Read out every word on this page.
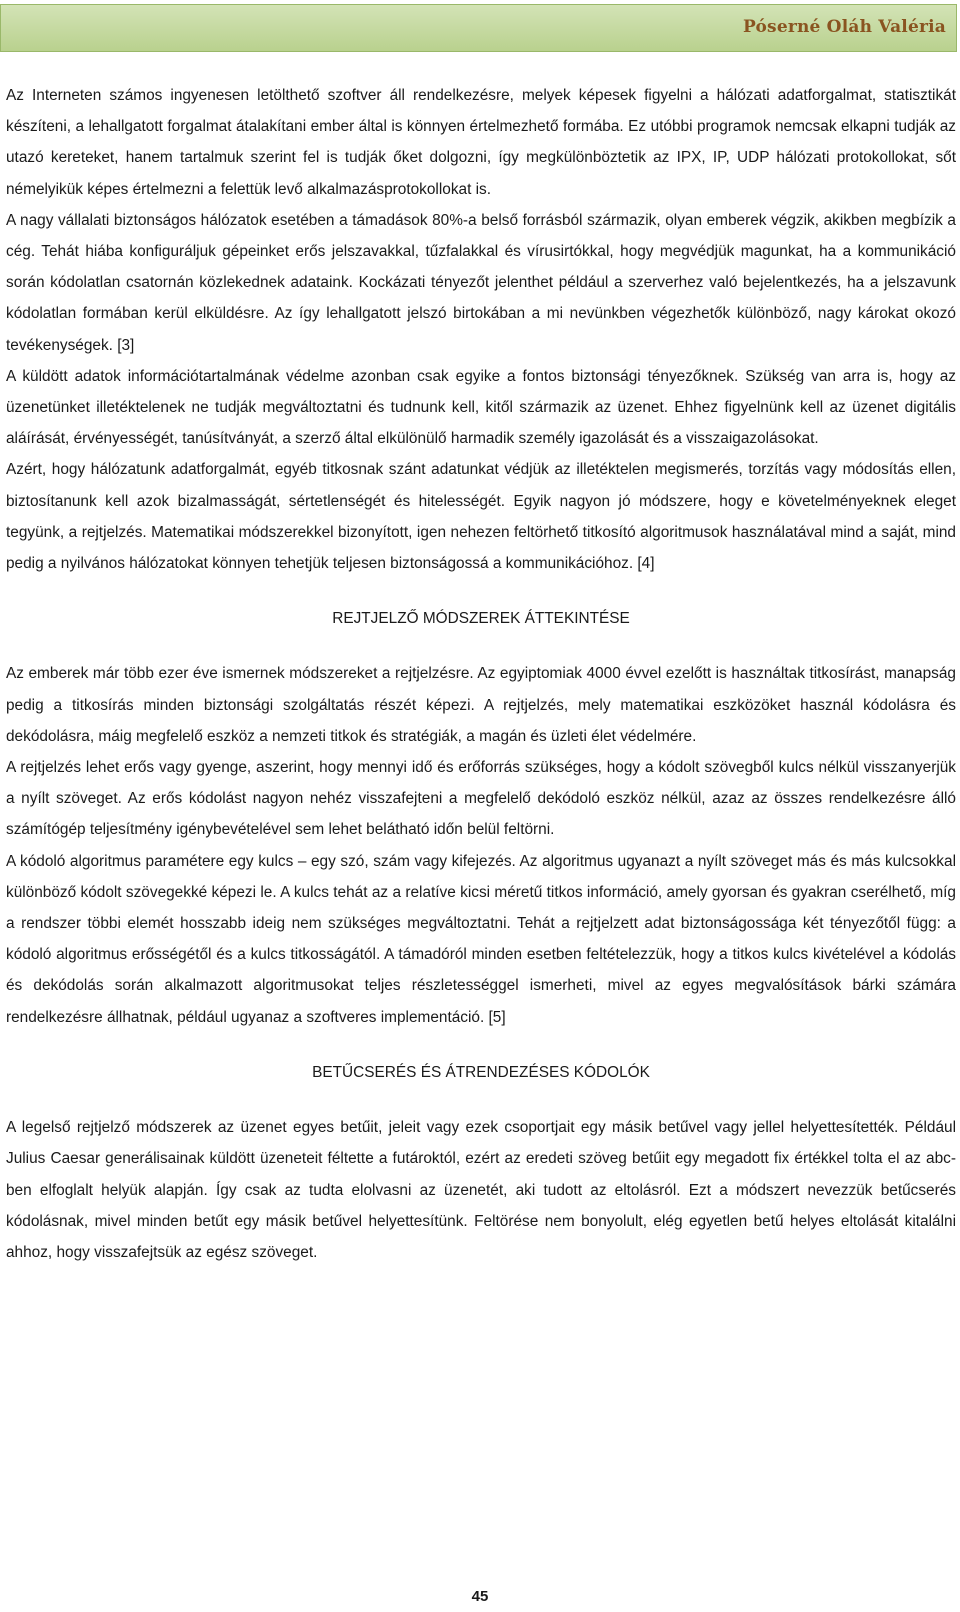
Póserné Oláh Valéria

Az Interneten számos ingyenesen letölthető szoftver áll rendelkezésre, melyek képesek figyelni a hálózati adatforgalmat, statisztikát készíteni, a lehallgatott forgalmat átalakítani ember által is könnyen értelmezhető formába. Ez utóbbi programok nemcsak elkapni tudják az utazó kereteket, hanem tartalmuk szerint fel is tudják őket dolgozni, így megkülönböztetik az IPX, IP, UDP hálózati protokollokat, sőt némelyikük képes értelmezni a felettük levő alkalmazásprotokollokat is.

A nagy vállalati biztonságos hálózatok esetében a támadások 80%-a belső forrásból származik, olyan emberek végzik, akikben megbízik a cég. Tehát hiába konfiguráljuk gépeinket erős jelszavakkal, tűzfalakkal és vírusirtókkal, hogy megvédjük magunkat, ha a kommunikáció során kódolatlan csatornán közlekednek adataink. Kockázati tényezőt jelenthet például a szerverhez való bejelentkezés, ha a jelszavunk kódolatlan formában kerül elküldésre. Az így lehallgatott jelszó birtokában a mi nevünkben végezhetők különböző, nagy károkat okozó tevékenységek. [3]

A küldött adatok információtartalmának védelme azonban csak egyike a fontos biztonsági tényezőknek. Szükség van arra is, hogy az üzenetünket illetéktelenek ne tudják megváltoztatni és tudnunk kell, kitől származik az üzenet. Ehhez figyelnünk kell az üzenet digitális aláírását, érvényességét, tanúsítványát, a szerző által elkülönülő harmadik személy igazolását és a visszaigazolásokat.

Azért, hogy hálózatunk adatforgalmát, egyéb titkosnak szánt adatunkat védjük az illetéktelen megismerés, torzítás vagy módosítás ellen, biztosítanunk kell azok bizalmasságát, sértetlenségét és hitelességét. Egyik nagyon jó módszere, hogy e követelményeknek eleget tegyünk, a rejtjelzés. Matematikai módszerekkel bizonyított, igen nehezen feltörhető titkosító algoritmusok használatával mind a saját, mind pedig a nyilvános hálózatokat könnyen tehetjük teljesen biztonságossá a kommunikációhoz. [4]

REJTJELZŐ MÓDSZEREK ÁTTEKINTÉSE

Az emberek már több ezer éve ismernek módszereket a rejtjelzésre. Az egyiptomiak 4000 évvel ezelőtt is használtak titkosírást, manapság pedig a titkosírás minden biztonsági szolgáltatás részét képezi. A rejtjelzés, mely matematikai eszközöket használ kódolásra és dekódolásra, máig megfelelő eszköz a nemzeti titkok és stratégiák, a magán és üzleti élet védelmére.

A rejtjelzés lehet erős vagy gyenge, aszerint, hogy mennyi idő és erőforrás szükséges, hogy a kódolt szövegből kulcs nélkül visszanyerjük a nyílt szöveget. Az erős kódolást nagyon nehéz visszafejteni a megfelelő dekódoló eszköz nélkül, azaz az összes rendelkezésre álló számítógép teljesítmény igénybevételével sem lehet belátható időn belül feltörni.

A kódoló algoritmus paramétere egy kulcs – egy szó, szám vagy kifejezés. Az algoritmus ugyanazt a nyílt szöveget más és más kulcsokkal különböző kódolt szövegekké képezi le. A kulcs tehát az a relatíve kicsi méretű titkos információ, amely gyorsan és gyakran cserélhető, míg a rendszer többi elemét hosszabb ideig nem szükséges megváltoztatni. Tehát a rejtjelzett adat biztonságossága két tényezőtől függ: a kódoló algoritmus erősségétől és a kulcs titkosságától. A támadóról minden esetben feltételezzük, hogy a titkos kulcs kivételével a kódolás és dekódolás során alkalmazott algoritmusokat teljes részletességgel ismerheti, mivel az egyes megvalósítások bárki számára rendelkezésre állhatnak, például ugyanaz a szoftveres implementáció. [5]

BETŰCSERÉS ÉS ÁTRENDEZÉSES KÓDOLÓK

A legelső rejtjelző módszerek az üzenet egyes betűit, jeleit vagy ezek csoportjait egy másik betűvel vagy jellel helyettesítették. Például Julius Caesar generálisainak küldött üzeneteit féltette a futároktól, ezért az eredeti szöveg betűit egy megadott fix értékkel tolta el az abc-ben elfoglalt helyük alapján. Így csak az tudta elolvasni az üzenetét, aki tudott az eltolásról. Ezt a módszert nevezzük betűcserés kódolásnak, mivel minden betűt egy másik betűvel helyettesítünk. Feltörése nem bonyolult, elég egyetlen betű helyes eltolását kitalálni ahhoz, hogy visszafejtsük az egész szöveget.

45
